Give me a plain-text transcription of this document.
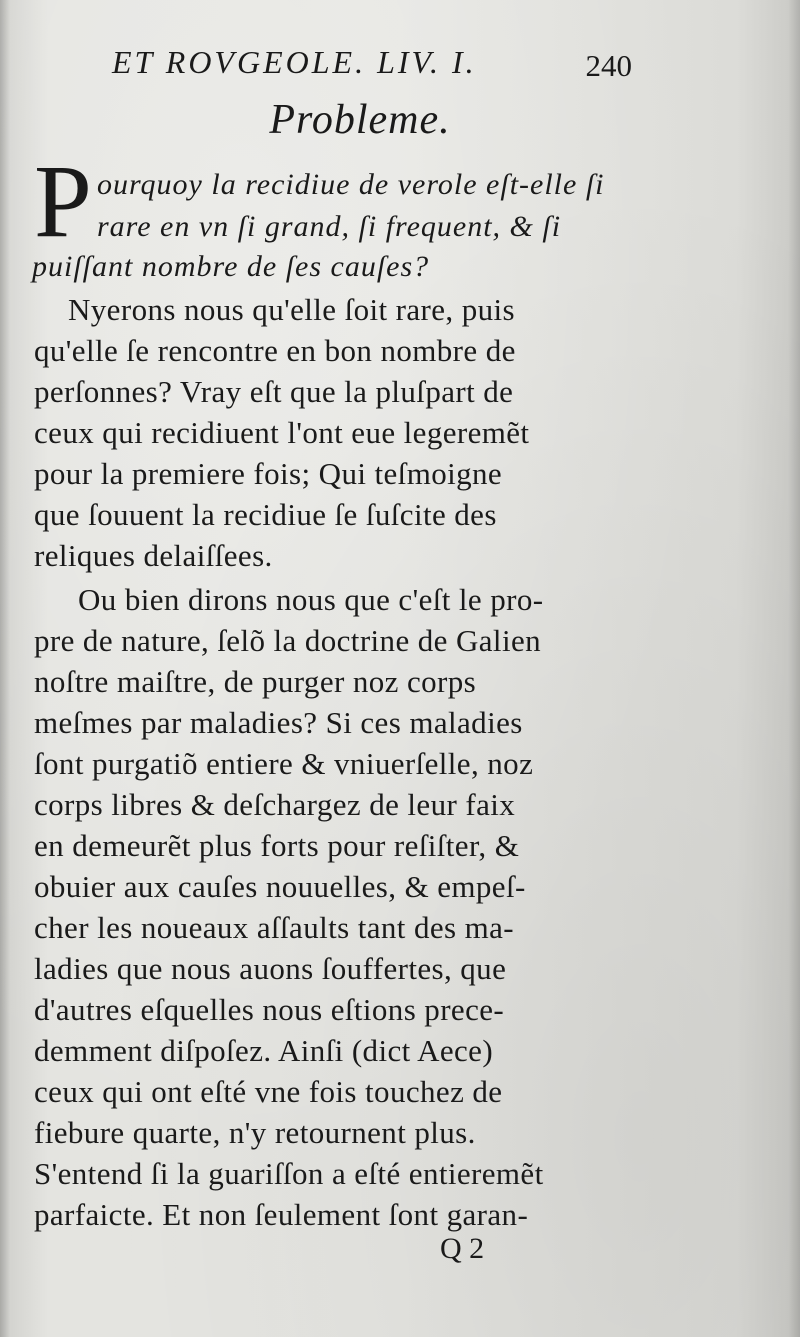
ET ROVGEOLE. LIV. I.	240
Probleme.
P ourquoy la recidiue de verole eſt-elle ſi
rare en vn ſi grand, ſi frequent, & ſi
puiſſant nombre de ſes cauſes?
Nyerons nous qu'elle ſoit rare, puis
qu'elle ſe rencontre en bon nombre de
perſonnes? Vray eſt que la pluſpart de
ceux qui recidiuent l'ont eue legeremẽt
pour la premiere fois; Qui teſmoigne
que ſouuent la recidiue ſe ſuſcite des
reliques delaiſſees.
Ou bien dirons nous que c'eſt le pro-
pre de nature, ſelõ la doctrine de Galien
noſtre maiſtre, de purger noz corps
meſmes par maladies? Si ces maladies
ſont purgatiõ entiere & vniuerſelle, noz
corps libres & deſchargez de leur faix
en demeurẽt plus forts pour reſiſter, &
obuier aux cauſes nouuelles, & empeſ-
cher les noueaux aſſaults tant des ma-
ladies que nous auons ſouffertes, que
d'autres eſquelles nous eſtions prece-
demment diſpoſez. Ainſi (dict Aece)
ceux qui ont eſté vne fois touchez de
fiebure quarte, n'y retournent plus.
S'entend ſi la guariſſon a eſté entieremẽt
parfaicte. Et non ſeulement ſont garan-
Q 2
